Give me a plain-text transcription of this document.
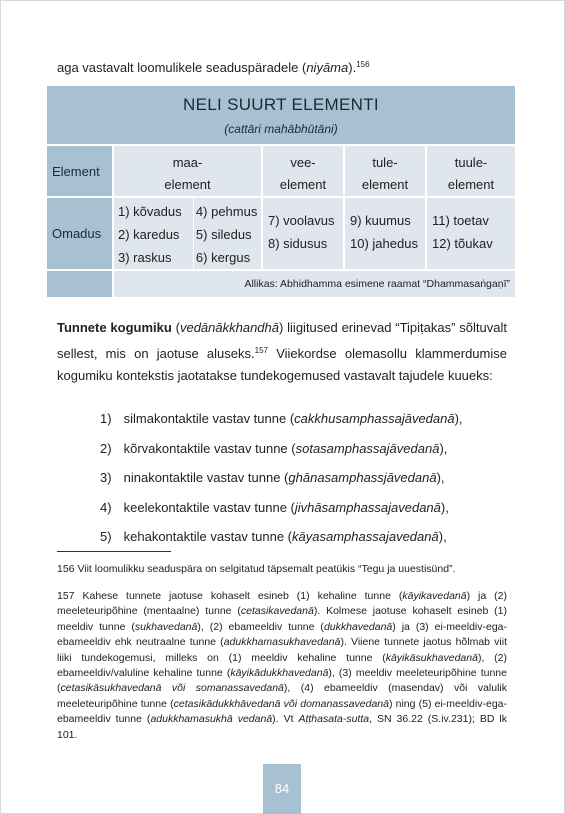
aga vastavalt loomulikele seaduspäradele (niyāma).$^{156}$
NELI SUURT ELEMENTI
(cattāri mahābhūtāni)
Element
maa-
element
vee-
element
tule-
element
tuule-
element
Omadus
1) kõvadus
2) karedus
3) raskus
4) pehmus
5) siledus
6) kergus
7) voolavus
8) sidusus
9) kuumus
10) jahedus
11) toetav
12) tõukav
Allikas: Abhidhamma esimene raamat “Dhammasaṅgaṇī”
Tunnete kogumiku (vedānākkhandhā) liigitused erinevad “Tipiṭakas” sõltuvalt sellest, mis on jaotuse aluseks.$^{157}$ Viiekordse olemasollu klammerdumise kogumiku kontekstis jaotatakse tundekogemused vastavalt tajudele kuueks:
1) silmakontaktile vastav tunne (cakkhusamphassajāvedanā),
2) kõrvakontaktile vastav tunne (sotasamphassajāvedanā),
3) ninakontaktile vastav tunne (ghānasamphassjāvedanā),
4) keelekontaktile vastav tunne (jivhāsamphassajavedanā),
5) kehakontaktile vastav tunne (kāyasamphassajavedanā),
156 Viit loomulikku seaduspära on selgitatud täpsemalt peatükis “Tegu ja uuestisünd”.
157 Kahese tunnete jaotuse kohaselt esineb (1) kehaline tunne (kāyikavedanā) ja (2) meeleteuripõhine (mentaalne) tunne (cetasikavedanā). Kolmese jaotuse kohaselt esineb (1) meeldiv tunne (sukhavedanā), (2) ebameeldiv tunne (dukkhavedanā) ja (3) ei-meeldiv-ega-ebameeldiv ehk neutraalne tunne (adukkhamasukhavedanā). Viiene tunnete jaotus hõlmab viit liiki tundekogemusi, milleks on (1) meeldiv kehaline tunne (kāyikāsukhavedanā), (2) ebameeldiv/valuline kehaline tunne (kāyikādukkhavedanā), (3) meeldiv meeleteuripõhine tunne (cetasikāsukhavedanā või somanassavedanā), (4) ebameeldiv (masendav) või valulik meeleteuripõhine tunne (cetasikādukkhāvedanā või domanassavedanā) ning (5) ei-meeldiv-ega-ebameeldiv tunne (adukkhamasukhā vedanā). Vt Aṭṭhasata-sutta, SN 36.22 (S.iv.231); BD lk 101.
84
